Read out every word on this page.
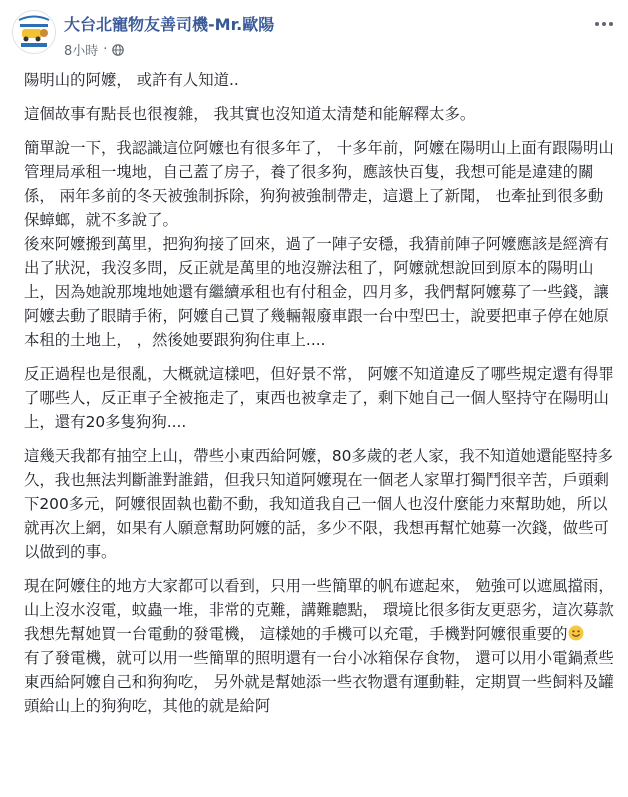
大台北寵物友善司機-Mr.歐陽
8小時 ·

陽明山的阿嬤， 或許有人知道..

這個故事有點長也很複雜， 我其實也沒知道太清楚和能解釋太多。

簡單說一下，我認識這位阿嬤也有很多年了， 十多年前，阿嬤在陽明山上面有跟陽明山管理局承租一塊地，自己蓋了房子，養了很多狗，應該快百隻，我想可能是違建的關係， 兩年多前的冬天被強制拆除，狗狗被強制帶走，這還上了新聞， 也牽扯到很多動保蟑螂，就不多說了。

後來阿嬤搬到萬里，把狗狗接了回來，過了一陣子安穩，我猜前陣子阿嬤應該是經濟有出了狀況，我沒多問，反正就是萬里的地沒辦法租了，阿嬤就想說回到原本的陽明山上，因為她說那塊地她還有繼續承租也有付租金，四月多，我們幫阿嬤募了一些錢，讓阿嬤去動了眼睛手術，阿嬤自己買了幾輛報廢車跟一台中型巴士，說要把車子停在她原本租的土地上， ，然後她要跟狗狗住車上....

反正過程也是很亂，大概就這樣吧，但好景不常， 阿嬤不知道違反了哪些規定還有得罪了哪些人，反正車子全被拖走了，東西也被拿走了，剩下她自己一個人堅持守在陽明山上，還有20多隻狗狗....

這幾天我都有抽空上山，帶些小東西給阿嬤，80多歲的老人家，我不知道她還能堅持多久，我也無法判斷誰對誰錯，但我只知道阿嬤現在一個老人家單打獨鬥很辛苦，戶頭剩下200多元，阿嬤很固執也勸不動，我知道我自己一個人也沒什麼能力來幫助她，所以就再次上網，如果有人願意幫助阿嬤的話，多少不限，我想再幫忙她募一次錢，做些可以做到的事。

現在阿嬤住的地方大家都可以看到，只用一些簡單的帆布遮起來， 勉強可以遮風擋雨， 山上沒水沒電，蚊蟲一堆，非常的克難，講難聽點， 環境比很多街友更惡劣，這次募款我想先幫她買一台電動的發電機， 這樣她的手機可以充電，手機對阿嬤很重要的

有了發電機，就可以用一些簡單的照明還有一台小冰箱保存食物， 還可以用小電鍋煮些東西給阿嬤自己和狗狗吃， 另外就是幫她添一些衣物還有運動鞋，定期買一些飼料及罐頭給山上的狗狗吃，其他的就是給阿
